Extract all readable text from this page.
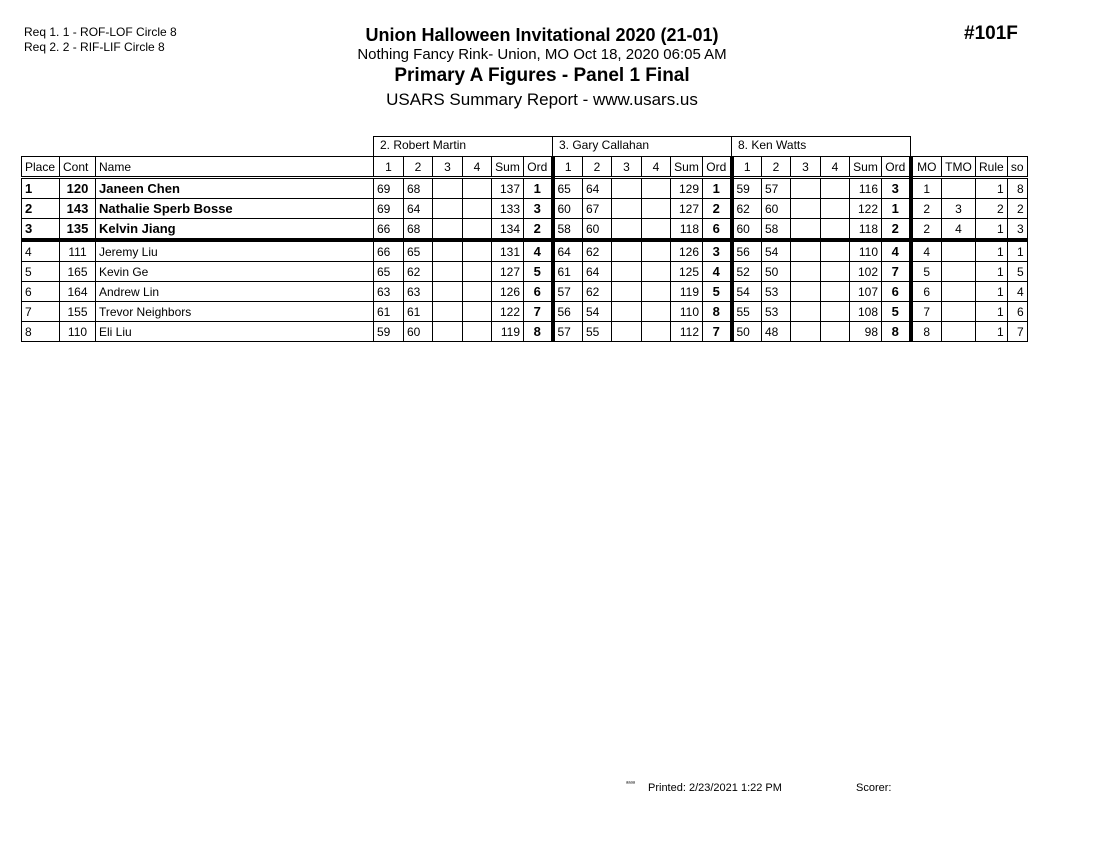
Req 1. 1 - ROF-LOF Circle 8
Req 2. 2 - RIF-LIF Circle 8
Union Halloween Invitational 2020 (21-01)
Nothing Fancy Rink- Union, MO Oct 18, 2020 06:05 AM
Primary A Figures - Panel 1 Final
USARS Summary Report - www.usars.us
#101F
			2. Robert Martin						3. Gary Callahan						8. Ken Watts									
Place	Cont	Name	1	2	3	4	Sum	Ord	1	2	3	4	Sum	Ord	1	2	3	4	Sum	Ord	MO	TMO	Rule	so
1	120	Janeen Chen	69	68			137	1	65	64			129	1	59	57			116	3	1		1	8
2	143	Nathalie Sperb Bosse	69	64			133	3	60	67			127	2	62	60			122	1	2	3	2	2
3	135	Kelvin Jiang	66	68			134	2	58	60			118	6	60	58			118	2	2	4	1	3
4	111	Jeremy Liu	66	65			131	4	64	62			126	3	56	54			110	4	4		1	1
5	165	Kevin Ge	65	62			127	5	61	64			125	4	52	50			102	7	5		1	5
6	164	Andrew Lin	63	63			126	6	57	62			119	5	54	53			107	6	6		1	4
7	155	Trevor Neighbors	61	61			122	7	56	54			110	8	55	53			108	5	7		1	6
8	110	Eli Liu	59	60			119	8	57	55			112	7	50	48			98	8	8		1	7
ᵃᵃᵃᵃ Printed: 2/23/2021 1:22 PM	Scorer:
